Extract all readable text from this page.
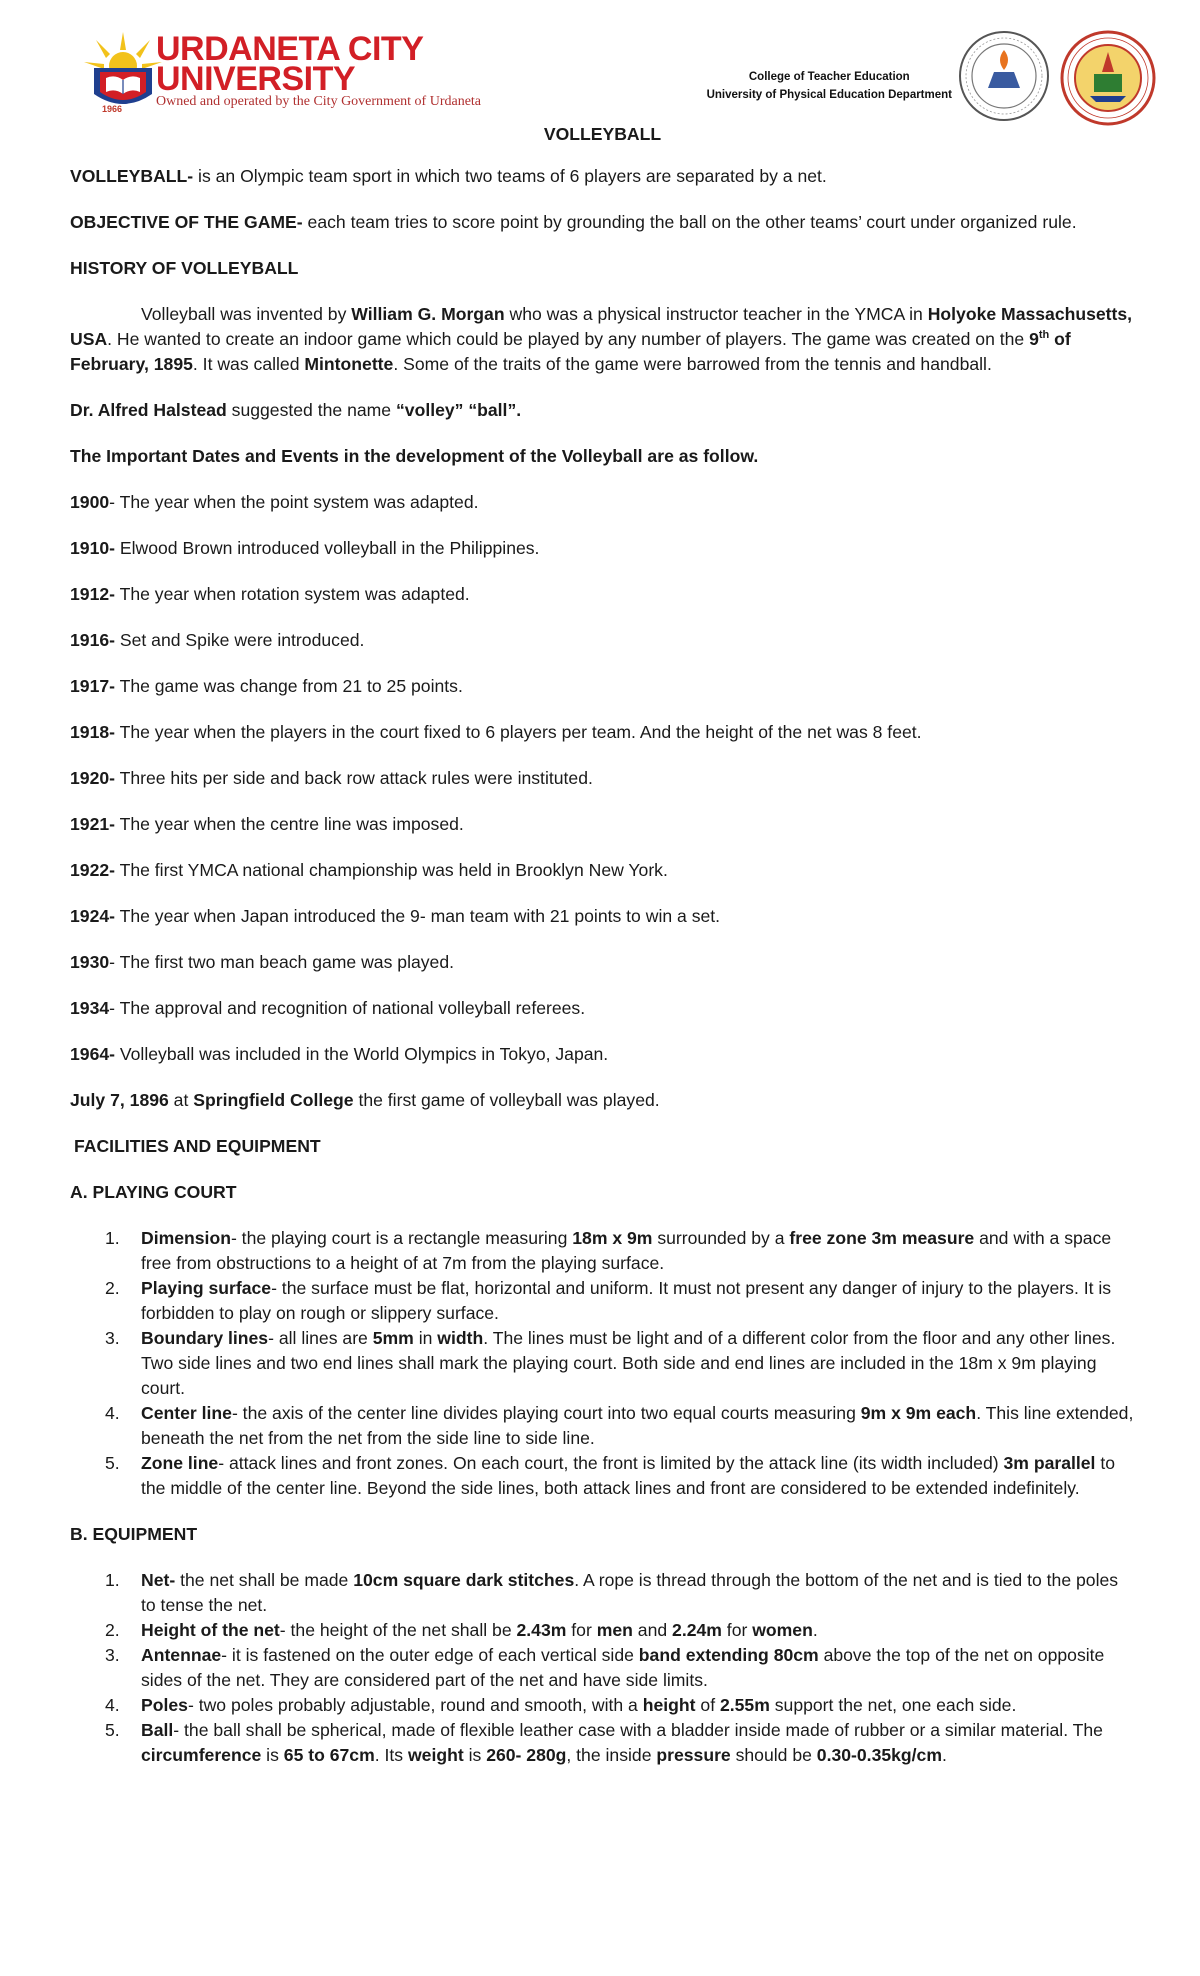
1966
URDANETA CITY
UNIVERSITY
Owned and operated by the City Government of Urdaneta
College of Teacher Education
University of Physical Education Department

VOLLEYBALL

VOLLEYBALL- is an Olympic team sport in which two teams of 6 players are separated by a net.

OBJECTIVE OF THE GAME- each team tries to score point by grounding the ball on the other teams’ court under organized rule.

HISTORY OF VOLLEYBALL

Volleyball was invented by William G. Morgan who was a physical instructor teacher in the YMCA in Holyoke Massachusetts, USA. He wanted to create an indoor game which could be played by any number of players. The game was created on the 9th of February, 1895. It was called Mintonette. Some of the traits of the game were barrowed from the tennis and handball.

Dr. Alfred Halstead suggested the name “volley” “ball”.

The Important Dates and Events in the development of the Volleyball are as follow.

1900- The year when the point system was adapted.

1910- Elwood Brown introduced volleyball in the Philippines.

1912- The year when rotation system was adapted.

1916- Set and Spike were introduced.

1917- The game was change from 21 to 25 points.

1918- The year when the players in the court fixed to 6 players per team. And the height of the net was 8 feet.

1920- Three hits per side and back row attack rules were instituted.

1921- The year when the centre line was imposed.

1922- The first YMCA national championship was held in Brooklyn New York.

1924- The year when Japan introduced the 9- man team with 21 points to win a set.

1930- The first two man beach game was played.

1934- The approval and recognition of national volleyball referees.

1964- Volleyball was included in the World Olympics in Tokyo, Japan.

July 7, 1896 at Springfield College the first game of volleyball was played.

FACILITIES AND EQUIPMENT

A. PLAYING COURT

1. Dimension- the playing court is a rectangle measuring 18m x 9m surrounded by a free zone 3m measure and with a space free from obstructions to a height of at 7m from the playing surface.
2. Playing surface- the surface must be flat, horizontal and uniform. It must not present any danger of injury to the players. It is forbidden to play on rough or slippery surface.
3. Boundary lines- all lines are 5mm in width. The lines must be light and of a different color from the floor and any other lines. Two side lines and two end lines shall mark the playing court. Both side and end lines are included in the 18m x 9m playing court.
4. Center line- the axis of the center line divides playing court into two equal courts measuring 9m x 9m each. This line extended, beneath the net from the net from the side line to side line.
5. Zone line- attack lines and front zones. On each court, the front is limited by the attack line (its width included) 3m parallel to the middle of the center line. Beyond the side lines, both attack lines and front are considered to be extended indefinitely.

B. EQUIPMENT

1. Net- the net shall be made 10cm square dark stitches. A rope is thread through the bottom of the net and is tied to the poles to tense the net.
2. Height of the net- the height of the net shall be 2.43m for men and 2.24m for women.
3. Antennae- it is fastened on the outer edge of each vertical side band extending 80cm above the top of the net on opposite sides of the net. They are considered part of the net and have side limits.
4. Poles- two poles probably adjustable, round and smooth, with a height of 2.55m support the net, one each side.
5. Ball- the ball shall be spherical, made of flexible leather case with a bladder inside made of rubber or a similar material. The circumference is 65 to 67cm. Its weight is 260- 280g, the inside pressure should be 0.30-0.35kg/cm.
